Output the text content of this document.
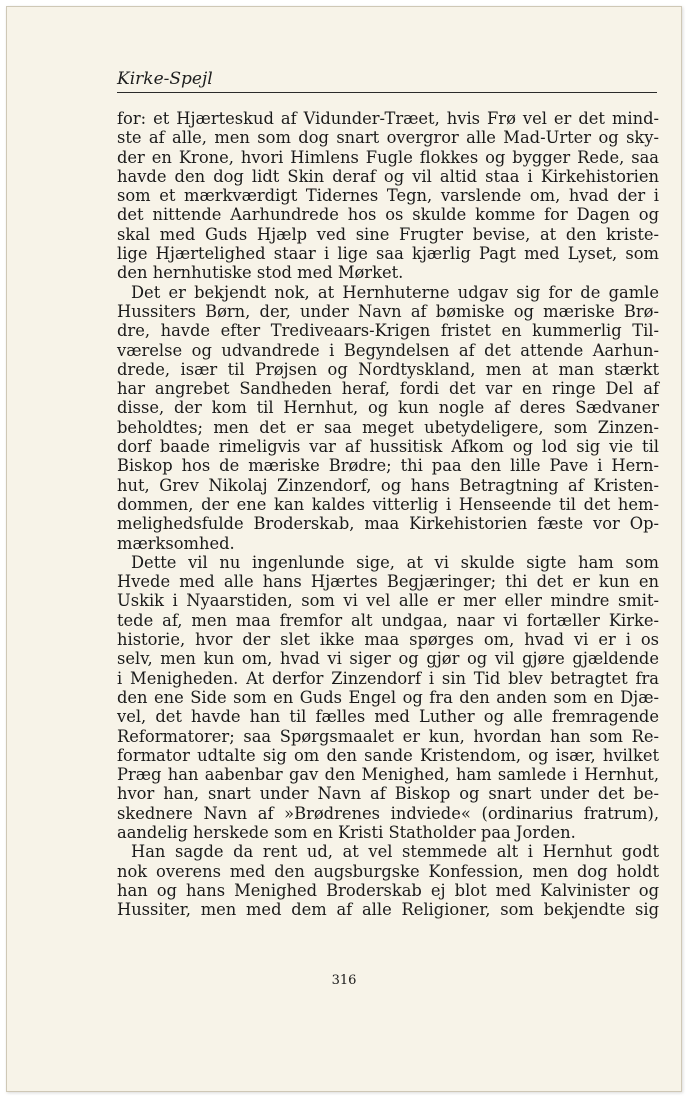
Kirke-Spejl
for: et Hjærteskud af Vidunder-Træet, hvis Frø vel er det mind-
ste af alle, men som dog snart overgror alle Mad-Urter og sky-
der en Krone, hvori Himlens Fugle flokkes og bygger Rede, saa
havde den dog lidt Skin deraf og vil altid staa i Kirkehistorien
som et mærkværdigt Tidernes Tegn, varslende om, hvad der i
det nittende Aarhundrede hos os skulde komme for Dagen og
skal med Guds Hjælp ved sine Frugter bevise, at den kriste-
lige Hjærtelighed staar i lige saa kjærlig Pagt med Lyset, som
den hernhutiske stod med Mørket.
Det er bekjendt nok, at Hernhuterne udgav sig for de gamle
Hussiters Børn, der, under Navn af bømiske og mæriske Brø-
dre, havde efter Trediveaars-Krigen fristet en kummerlig Til-
værelse og udvandrede i Begyndelsen af det attende Aarhun-
drede, især til Prøjsen og Nordtyskland, men at man stærkt
har angrebet Sandheden heraf, fordi det var en ringe Del af
disse, der kom til Hernhut, og kun nogle af deres Sædvaner
beholdtes; men det er saa meget ubetydeligere, som Zinzen-
dorf baade rimeligvis var af hussitisk Afkom og lod sig vie til
Biskop hos de mæriske Brødre; thi paa den lille Pave i Hern-
hut, Grev Nikolaj Zinzendorf, og hans Betragtning af Kristen-
dommen, der ene kan kaldes vitterlig i Henseende til det hem-
melighedsfulde Broderskab, maa Kirkehistorien fæste vor Op-
mærksomhed.
Dette vil nu ingenlunde sige, at vi skulde sigte ham som
Hvede med alle hans Hjærtes Begjæringer; thi det er kun en
Uskik i Nyaarstiden, som vi vel alle er mer eller mindre smit-
tede af, men maa fremfor alt undgaa, naar vi fortæller Kirke-
historie, hvor der slet ikke maa spørges om, hvad vi er i os
selv, men kun om, hvad vi siger og gjør og vil gjøre gjældende
i Menigheden. At derfor Zinzendorf i sin Tid blev betragtet fra
den ene Side som en Guds Engel og fra den anden som en Djæ-
vel, det havde han til fælles med Luther og alle fremragende
Reformatorer; saa Spørgsmaalet er kun, hvordan han som Re-
formator udtalte sig om den sande Kristendom, og især, hvilket
Præg han aabenbar gav den Menighed, ham samlede i Hernhut,
hvor han, snart under Navn af Biskop og snart under det be-
skednere Navn af »Brødrenes indviede« (ordinarius fratrum),
aandelig herskede som en Kristi Statholder paa Jorden.
Han sagde da rent ud, at vel stemmede alt i Hernhut godt
nok overens med den augsburgske Konfession, men dog holdt
han og hans Menighed Broderskab ej blot med Kalvinister og
Hussiter, men med dem af alle Religioner, som bekjendte sig
316
